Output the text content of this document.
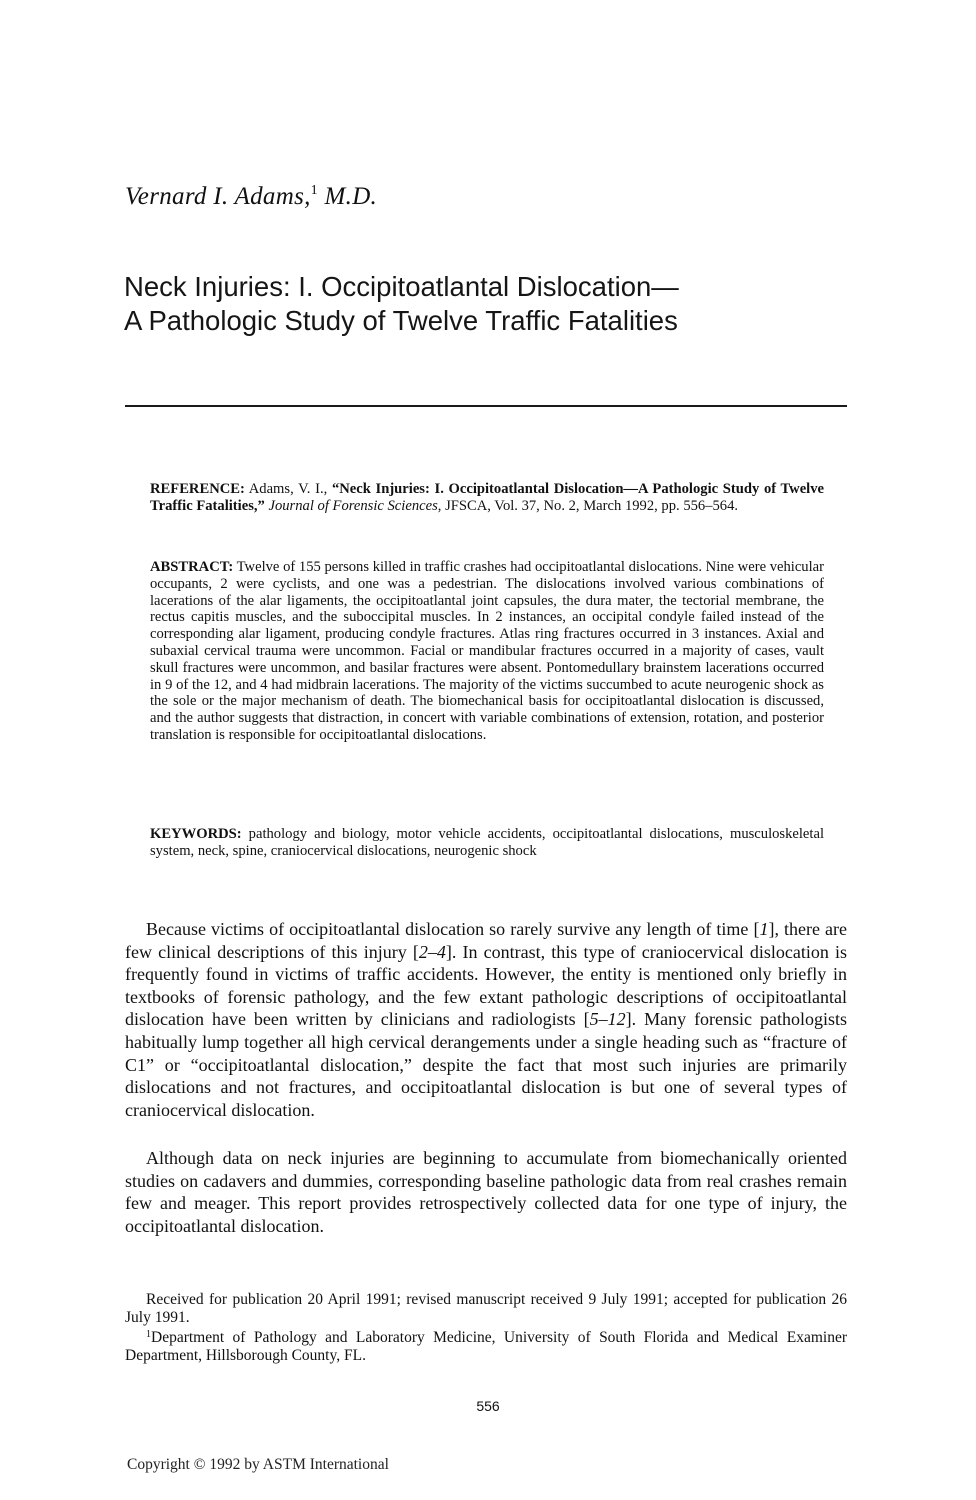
Vernard I. Adams,$^1$ M.D.
Neck Injuries: I. Occipitoatlantal Dislocation—
A Pathologic Study of Twelve Traffic Fatalities
REFERENCE: Adams, V. I., “Neck Injuries: I. Occipitoatlantal Dislocation—A Pathologic Study of Twelve Traffic Fatalities,” Journal of Forensic Sciences, JFSCA, Vol. 37, No. 2, March 1992, pp. 556–564.
ABSTRACT: Twelve of 155 persons killed in traffic crashes had occipitoatlantal dislocations. Nine were vehicular occupants, 2 were cyclists, and one was a pedestrian. The dislocations involved various combinations of lacerations of the alar ligaments, the occipitoatlantal joint capsules, the dura mater, the tectorial membrane, the rectus capitis muscles, and the suboccipital muscles. In 2 instances, an occipital condyle failed instead of the corresponding alar ligament, producing condyle fractures. Atlas ring fractures occurred in 3 instances. Axial and subaxial cervical trauma were uncommon. Facial or mandibular fractures occurred in a majority of cases, vault skull fractures were uncommon, and basilar fractures were absent. Pontomedullary brainstem lacerations occurred in 9 of the 12, and 4 had midbrain lacerations. The majority of the victims succumbed to acute neurogenic shock as the sole or the major mechanism of death. The biomechanical basis for occipitoatlantal dislocation is discussed, and the author suggests that distraction, in concert with variable combinations of extension, rotation, and posterior translation is responsible for occipitoatlantal dislocations.
KEYWORDS: pathology and biology, motor vehicle accidents, occipitoatlantal dislocations, musculoskeletal system, neck, spine, craniocervical dislocations, neurogenic shock
Because victims of occipitoatlantal dislocation so rarely survive any length of time [1], there are few clinical descriptions of this injury [2–4]. In contrast, this type of craniocervical dislocation is frequently found in victims of traffic accidents. However, the entity is mentioned only briefly in textbooks of forensic pathology, and the few extant pathologic descriptions of occipitoatlantal dislocation have been written by clinicians and radiologists [5–12]. Many forensic pathologists habitually lump together all high cervical derangements under a single heading such as “fracture of C1” or “occipitoatlantal dislocation,” despite the fact that most such injuries are primarily dislocations and not fractures, and occipitoatlantal dislocation is but one of several types of craniocervical dislocation.
Although data on neck injuries are beginning to accumulate from biomechanically oriented studies on cadavers and dummies, corresponding baseline pathologic data from real crashes remain few and meager. This report provides retrospectively collected data for one type of injury, the occipitoatlantal dislocation.

Received for publication 20 April 1991; revised manuscript received 9 July 1991; accepted for publication 26 July 1991.

$^1$Department of Pathology and Laboratory Medicine, University of South Florida and Medical Examiner Department, Hillsborough County, FL.

556
Copyright © 1992 by ASTM International
